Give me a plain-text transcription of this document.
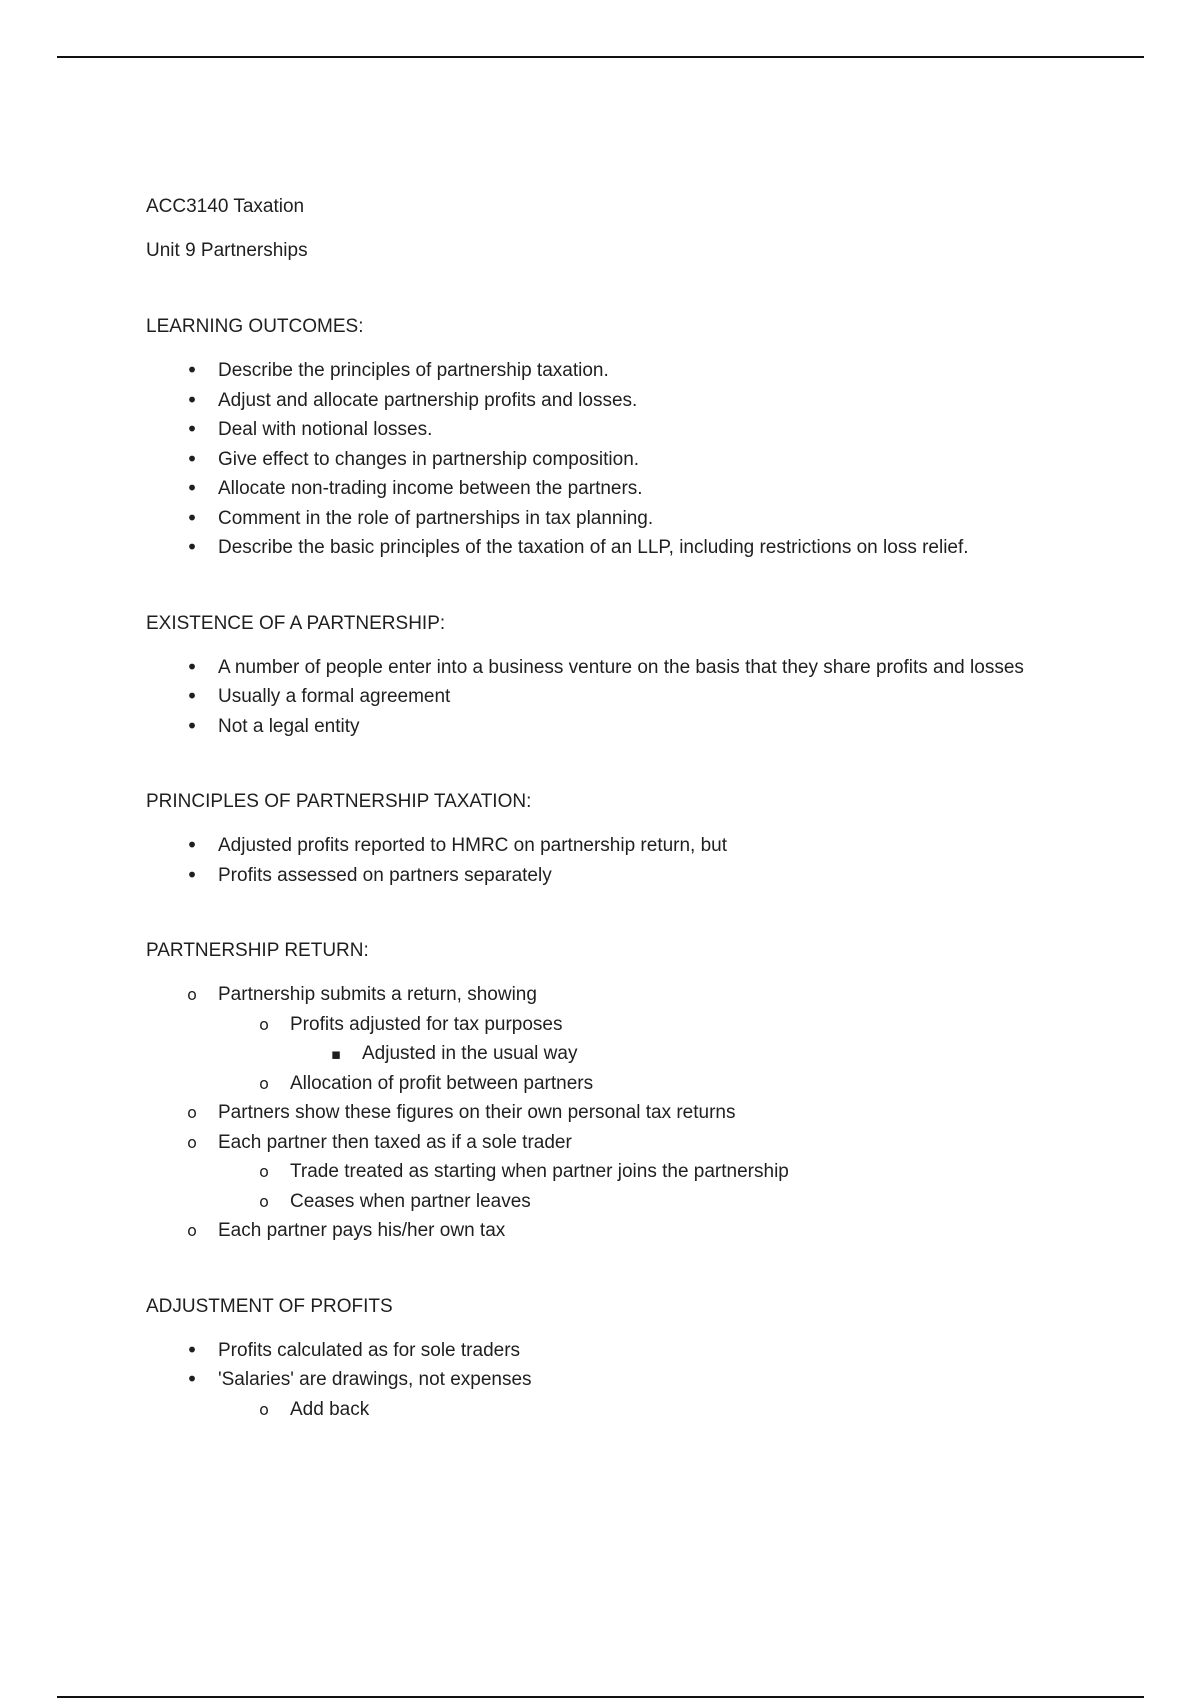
ACC3140 Taxation

Unit 9 Partnerships

LEARNING OUTCOMES:

•
Describe the principles of partnership taxation.
•
Adjust and allocate partnership profits and losses.
•
Deal with notional losses.
•
Give effect to changes in partnership composition.
•
Allocate non-trading income between the partners.
•
Comment in the role of partnerships in tax planning.
•
Describe the basic principles of the taxation of an LLP, including restrictions on loss relief.

EXISTENCE OF A PARTNERSHIP:

•
A number of people enter into a business venture on the basis that they share profits and losses
•
Usually a formal agreement
•
Not a legal entity

PRINCIPLES OF PARTNERSHIP TAXATION:

•
Adjusted profits reported to HMRC on partnership return, but
•
Profits assessed on partners separately

PARTNERSHIP RETURN:

o
Partnership submits a return, showing
o
Profits adjusted for tax purposes
▪
Adjusted in the usual way
o
Allocation of profit between partners
o
Partners show these figures on their own personal tax returns
o
Each partner then taxed as if a sole trader
o
Trade treated as starting when partner joins the partnership
o
Ceases when partner leaves
o
Each partner pays his/her own tax

ADJUSTMENT OF PROFITS

•
Profits calculated as for sole traders
•
'Salaries' are drawings, not expenses
o
Add back
